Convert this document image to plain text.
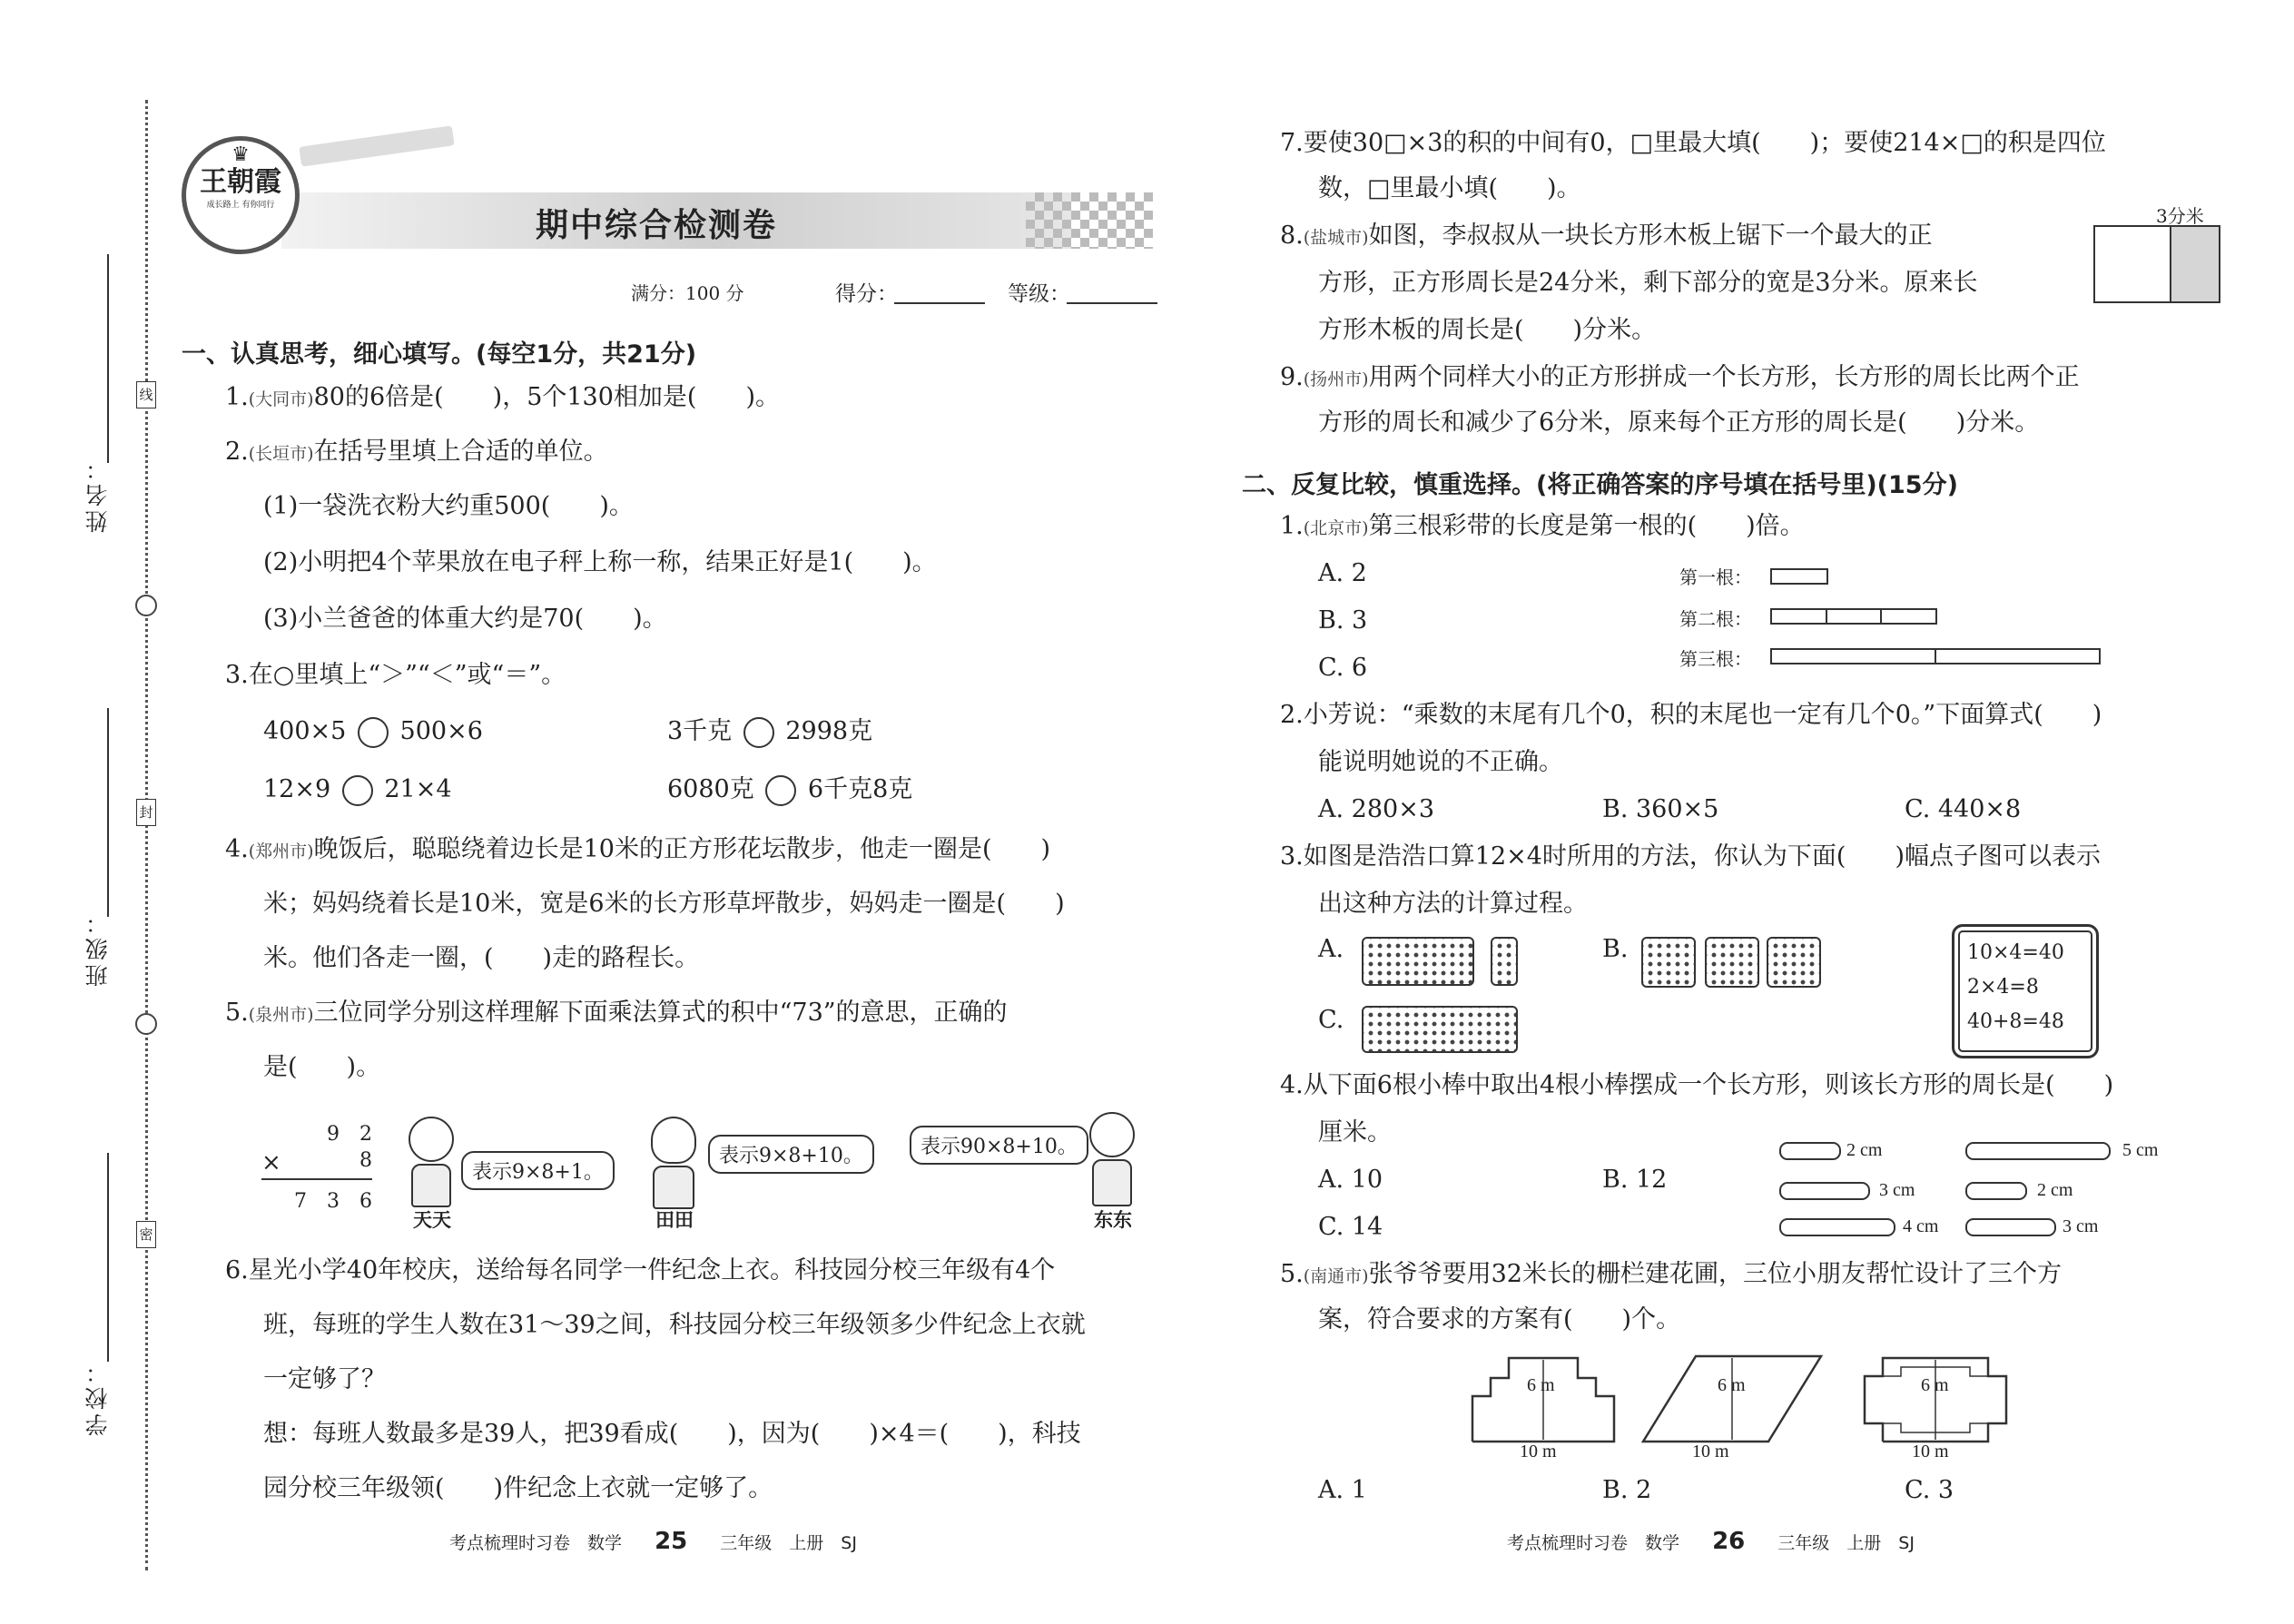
姓名：
班级：
学校：
线
封
密
♛
王朝霞
成长路上 有你同行
期中综合检测卷
满分：100 分	得分：	等级：
一、认真思考，细心填写。(每空1分，共21分)
1.(大同市)80的6倍是(　　)，5个130相加是(　　)。
2.(长垣市)在括号里填上合适的单位。
(1)一袋洗衣粉大约重500(　　)。
(2)小明把4个苹果放在电子秤上称一称，结果正好是1(　　)。
(3)小兰爸爸的体重大约是70(　　)。
3.在○里填上“＞”“＜”或“＝”。
400×5 500×6	3千克 2998克
12×9 21×4	6080克 6千克8克
4.(郑州市)晚饭后，聪聪绕着边长是10米的正方形花坛散步，他走一圈是(　　)
米；妈妈绕着长是10米，宽是6米的长方形草坪散步，妈妈走一圈是(　　)
米。他们各走一圈，(　　)走的路程长。
5.(泉州市)三位同学分别这样理解下面乘法算式的积中“73”的意思，正确的
是(　　)。
9　2
×	8
7　3　6
表示9×8+1。
天天
表示9×8+10。
田田
表示90×8+10。
东东
6.星光小学40年校庆，送给每名同学一件纪念上衣。科技园分校三年级有4个
班，每班的学生人数在31～39之间，科技园分校三年级领多少件纪念上衣就
一定够了？
想：每班人数最多是39人，把39看成(　　)，因为(　　)×4＝(　　)，科技
园分校三年级领(　　)件纪念上衣就一定够了。
考点梳理时习卷　数学 25 三年级　上册　SJ
7.要使30□×3的积的中间有0，□里最大填(　　)；要使214×□的积是四位
数，□里最小填(　　)。
8.(盐城市)如图，李叔叔从一块长方形木板上锯下一个最大的正
方形，正方形周长是24分米，剩下部分的宽是3分米。原来长
方形木板的周长是(　　)分米。
3分米
9.(扬州市)用两个同样大小的正方形拼成一个长方形，长方形的周长比两个正
方形的周长和减少了6分米，原来每个正方形的周长是(　　)分米。
二、反复比较，慎重选择。(将正确答案的序号填在括号里)(15分)
1.(北京市)第三根彩带的长度是第一根的(　　)倍。
A. 2
B. 3
C. 6
第一根：
第二根：
第三根：
2.小芳说：“乘数的末尾有几个0，积的末尾也一定有几个0。”下面算式(　　)
能说明她说的不正确。
A. 280×3	B. 360×5	C. 440×8
3.如图是浩浩口算12×4时所用的方法，你认为下面(　　)幅点子图可以表示
出这种方法的计算过程。
A.	B.
C.
10×4=40
2×4=8
40+8=48
4.从下面6根小棒中取出4根小棒摆成一个长方形，则该长方形的周长是(　　)
厘米。
A. 10	B. 12
C. 14
2 cm	5 cm
3 cm	2 cm
4 cm	3 cm
5.(南通市)张爷爷要用32米长的栅栏建花圃，三位小朋友帮忙设计了三个方
案，符合要求的方案有(　　)个。
6 m
10 m
6 m
10 m
6 m
10 m
A. 1	B. 2	C. 3
考点梳理时习卷　数学 26 三年级　上册　SJ
